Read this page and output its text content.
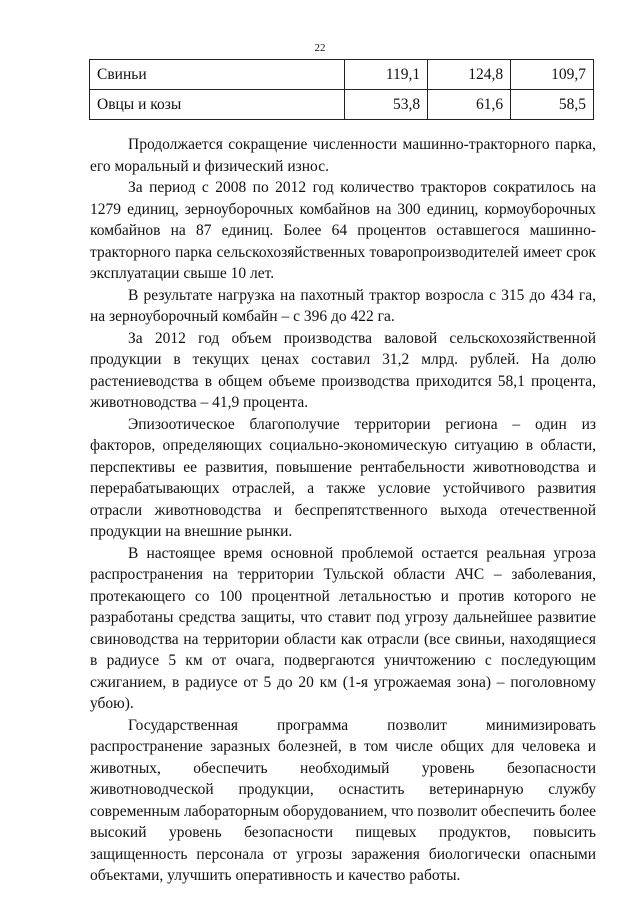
22
Свиньи	119,1	124,8	109,7
Овцы и козы	53,8	61,6	58,5

Продолжается сокращение численности машинно-тракторного парка, его моральный и физический износ.

За период с 2008 по 2012 год количество тракторов сократилось на 1279 единиц, зерноуборочных комбайнов на 300 единиц, кормоуборочных комбайнов на 87 единиц. Более 64 процентов оставшегося машинно-тракторного парка сельскохозяйственных товаропроизводителей имеет срок эксплуатации свыше 10 лет.

В результате нагрузка на пахотный трактор возросла с 315 до 434 га, на зерноуборочный комбайн – с 396 до 422 га.

За 2012 год объем производства валовой сельскохозяйственной продукции в текущих ценах составил 31,2 млрд. рублей. На долю растениеводства в общем объеме производства приходится 58,1 процента, животноводства – 41,9 процента.

Эпизоотическое благополучие территории региона – один из факторов, определяющих социально-экономическую ситуацию в области, перспективы ее развития, повышение рентабельности животноводства и перерабатывающих отраслей, а также условие устойчивого развития отрасли животноводства и беспрепятственного выхода отечественной продукции на внешние рынки.

В настоящее время основной проблемой остается реальная угроза распространения на территории Тульской области АЧС – заболевания, протекающего со 100 процентной летальностью и против которого не разработаны средства защиты, что ставит под угрозу дальнейшее развитие свиноводства на территории области как отрасли (все свиньи, находящиеся в радиусе 5 км от очага, подвергаются уничтожению с последующим сжиганием, в радиусе от 5 до 20 км (1-я угрожаемая зона) – поголовному убою).

Государственная программа позволит минимизировать распространение заразных болезней, в том числе общих для человека и животных, обеспечить необходимый уровень безопасности животноводческой продукции, оснастить ветеринарную службу современным лабораторным оборудованием, что позволит обеспечить более высокий уровень безопасности пищевых продуктов, повысить защищенность персонала от угрозы заражения биологически опасными объектами, улучшить оперативность и качество работы.
